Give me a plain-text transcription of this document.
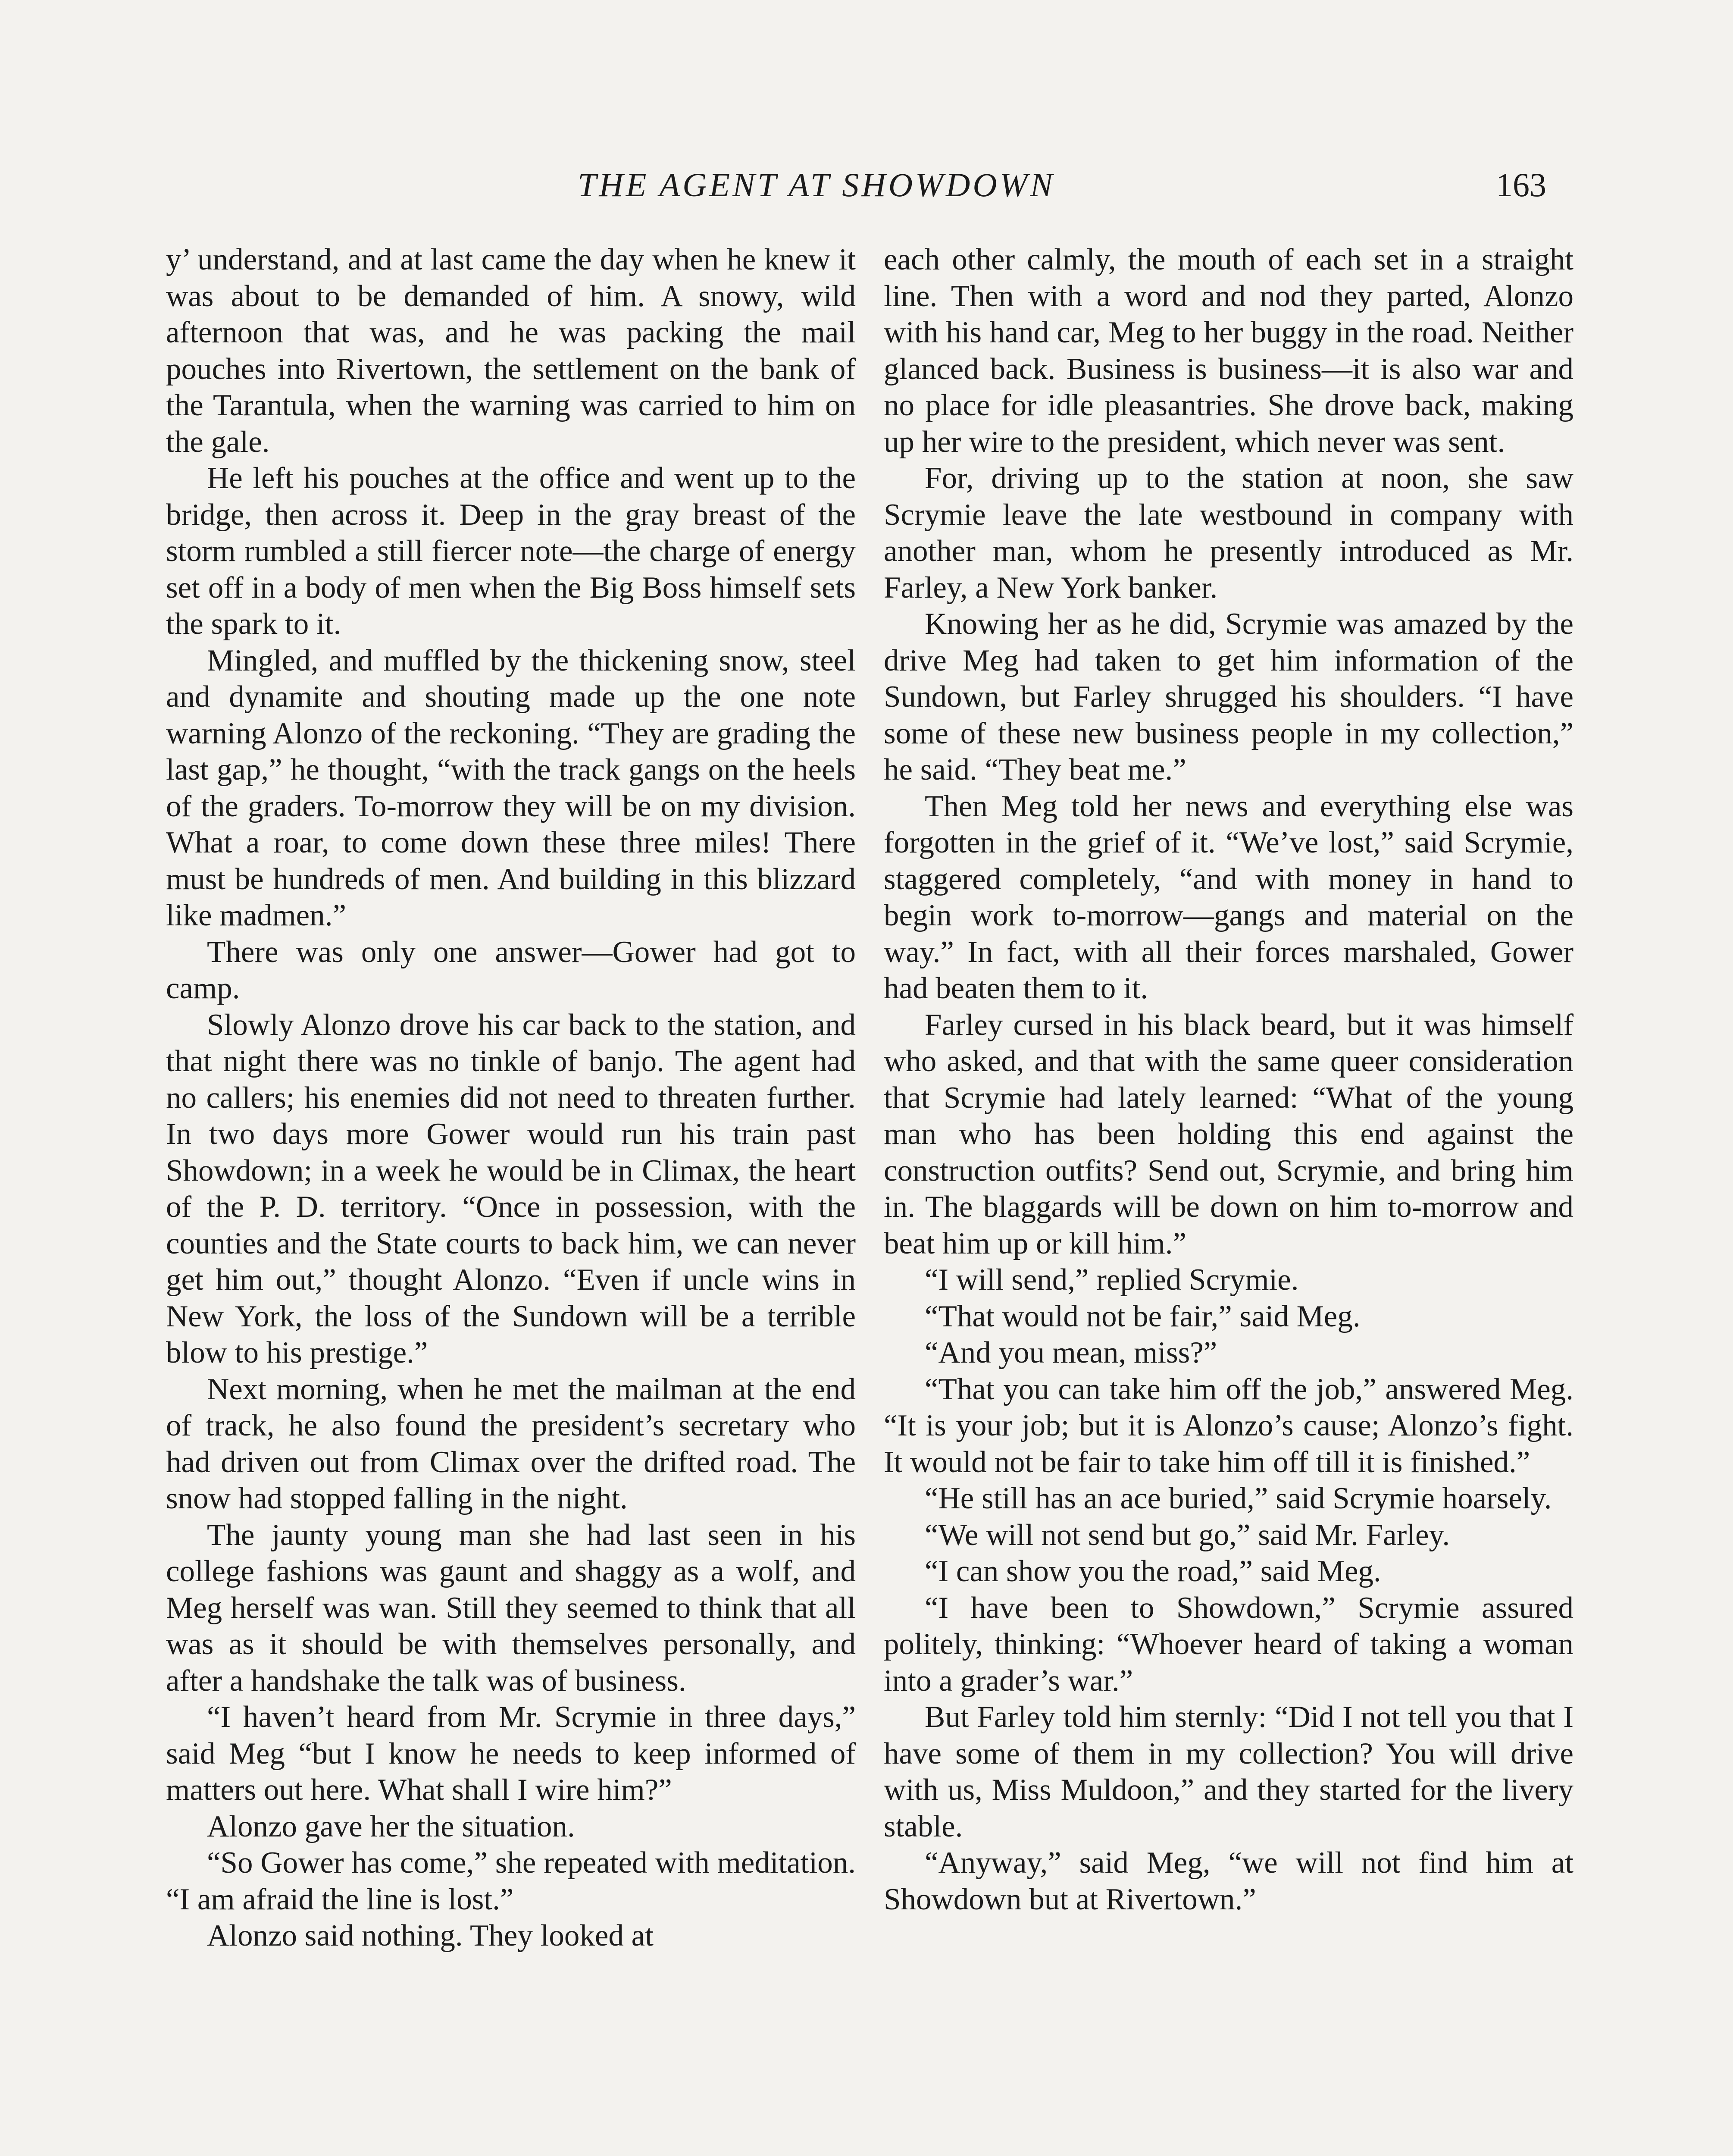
THE AGENT AT SHOWDOWN	163

y’ understand, and at last came the day when he knew it was about to be demanded of him. A snowy, wild afternoon that was, and he was packing the mail pouches into Rivertown, the settlement on the bank of the Tarantula, when the warning was carried to him on the gale.

He left his pouches at the office and went up to the bridge, then across it. Deep in the gray breast of the storm rumbled a still fiercer note—the charge of energy set off in a body of men when the Big Boss himself sets the spark to it.

Mingled, and muffled by the thickening snow, steel and dynamite and shouting made up the one note warning Alonzo of the reckoning. “They are grading the last gap,” he thought, “with the track gangs on the heels of the graders. To-morrow they will be on my division. What a roar, to come down these three miles! There must be hundreds of men. And building in this blizzard like madmen.”

There was only one answer—Gower had got to camp.

Slowly Alonzo drove his car back to the station, and that night there was no tinkle of banjo. The agent had no callers; his enemies did not need to threaten further. In two days more Gower would run his train past Showdown; in a week he would be in Climax, the heart of the P. D. territory. “Once in possession, with the counties and the State courts to back him, we can never get him out,” thought Alonzo. “Even if uncle wins in New York, the loss of the Sundown will be a terrible blow to his prestige.”

Next morning, when he met the mailman at the end of track, he also found the president’s secretary who had driven out from Climax over the drifted road. The snow had stopped falling in the night.

The jaunty young man she had last seen in his college fashions was gaunt and shaggy as a wolf, and Meg herself was wan. Still they seemed to think that all was as it should be with themselves personally, and after a handshake the talk was of business.

“I haven’t heard from Mr. Scrymie in three days,” said Meg “but I know he needs to keep informed of matters out here. What shall I wire him?”

Alonzo gave her the situation.

“So Gower has come,” she repeated with meditation. “I am afraid the line is lost.”

Alonzo said nothing. They looked at

each other calmly, the mouth of each set in a straight line. Then with a word and nod they parted, Alonzo with his hand car, Meg to her buggy in the road. Neither glanced back. Business is business—it is also war and no place for idle pleasantries. She drove back, making up her wire to the president, which never was sent.

For, driving up to the station at noon, she saw Scrymie leave the late westbound in company with another man, whom he presently introduced as Mr. Farley, a New York banker.

Knowing her as he did, Scrymie was amazed by the drive Meg had taken to get him information of the Sundown, but Farley shrugged his shoulders. “I have some of these new business people in my collection,” he said. “They beat me.”

Then Meg told her news and everything else was forgotten in the grief of it. “We’ve lost,” said Scrymie, staggered completely, “and with money in hand to begin work to-morrow—gangs and material on the way.” In fact, with all their forces marshaled, Gower had beaten them to it.

Farley cursed in his black beard, but it was himself who asked, and that with the same queer consideration that Scrymie had lately learned: “What of the young man who has been holding this end against the construction outfits? Send out, Scrymie, and bring him in. The blaggards will be down on him to-morrow and beat him up or kill him.”

“I will send,” replied Scrymie.

“That would not be fair,” said Meg.

“And you mean, miss?”

“That you can take him off the job,” answered Meg. “It is your job; but it is Alonzo’s cause; Alonzo’s fight. It would not be fair to take him off till it is finished.”

“He still has an ace buried,” said Scrymie hoarsely.

“We will not send but go,” said Mr. Farley.

“I can show you the road,” said Meg.

“I have been to Showdown,” Scrymie assured politely, thinking: “Whoever heard of taking a woman into a grader’s war.”

But Farley told him sternly: “Did I not tell you that I have some of them in my collection? You will drive with us, Miss Muldoon,” and they started for the livery stable.

“Anyway,” said Meg, “we will not find him at Showdown but at Rivertown.”
